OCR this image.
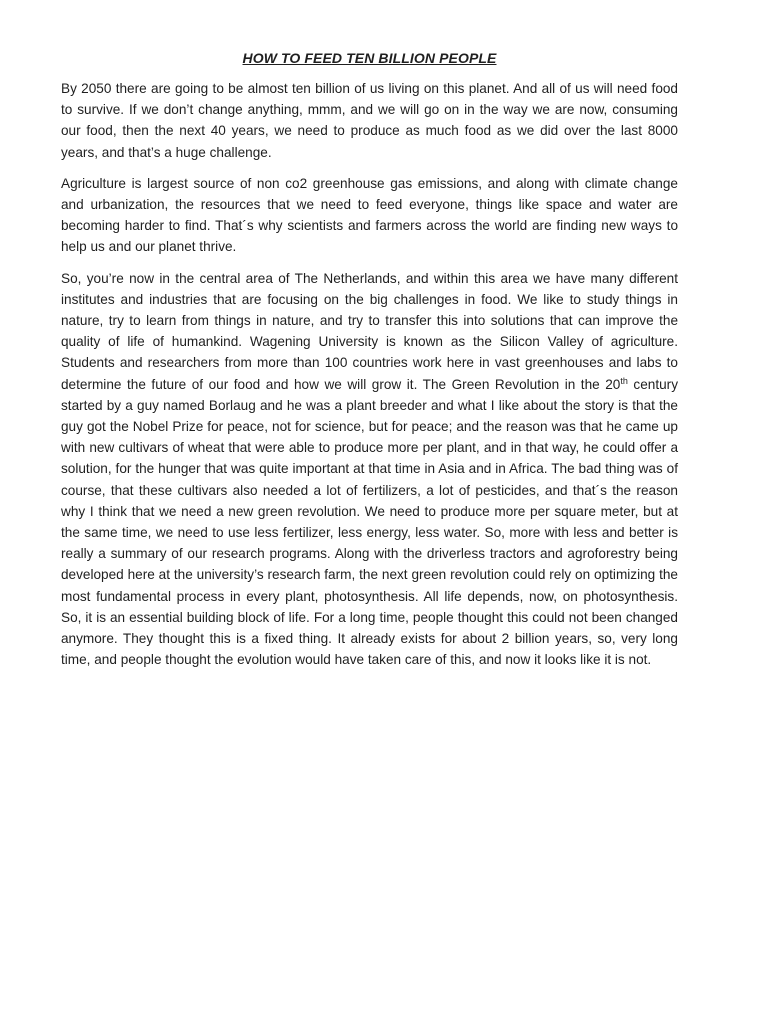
HOW TO FEED TEN BILLION PEOPLE

By 2050 there are going to be almost ten billion of us living on this planet. And all of us will need food to survive. If we don’t change anything, mmm, and we will go on in the way we are now, consuming our food, then the next 40 years, we need to produce as much food as we did over the last 8000 years, and that’s a huge challenge.

Agriculture is largest source of non co2 greenhouse gas emissions, and along with climate change and urbanization, the resources that we need to feed everyone, things like space and water are becoming harder to find. That´s why scientists and farmers across the world are finding new ways to help us and our planet thrive.

So, you’re now in the central area of The Netherlands, and within this area we have many different institutes and industries that are focusing on the big challenges in food. We like to study things in nature, try to learn from things in nature, and try to transfer this into solutions that can improve the quality of life of humankind. Wagening University is known as the Silicon Valley of agriculture. Students and researchers from more than 100 countries work here in vast greenhouses and labs to determine the future of our food and how we will grow it. The Green Revolution in the 20th century started by a guy named Borlaug and he was a plant breeder and what I like about the story is that the guy got the Nobel Prize for peace, not for science, but for peace; and the reason was that he came up with new cultivars of wheat that were able to produce more per plant, and in that way, he could offer a solution, for the hunger that was quite important at that time in Asia and in Africa. The bad thing was of course, that these cultivars also needed a lot of fertilizers, a lot of pesticides, and that´s the reason why I think that we need a new green revolution. We need to produce more per square meter, but at the same time, we need to use less fertilizer, less energy, less water. So, more with less and better is really a summary of our research programs. Along with the driverless tractors and agroforestry being developed here at the university’s research farm, the next green revolution could rely on optimizing the most fundamental process in every plant, photosynthesis. All life depends, now, on photosynthesis. So, it is an essential building block of life. For a long time, people thought this could not been changed anymore. They thought this is a fixed thing. It already exists for about 2 billion years, so, very long time, and people thought the evolution would have taken care of this, and now it looks like it is not.
